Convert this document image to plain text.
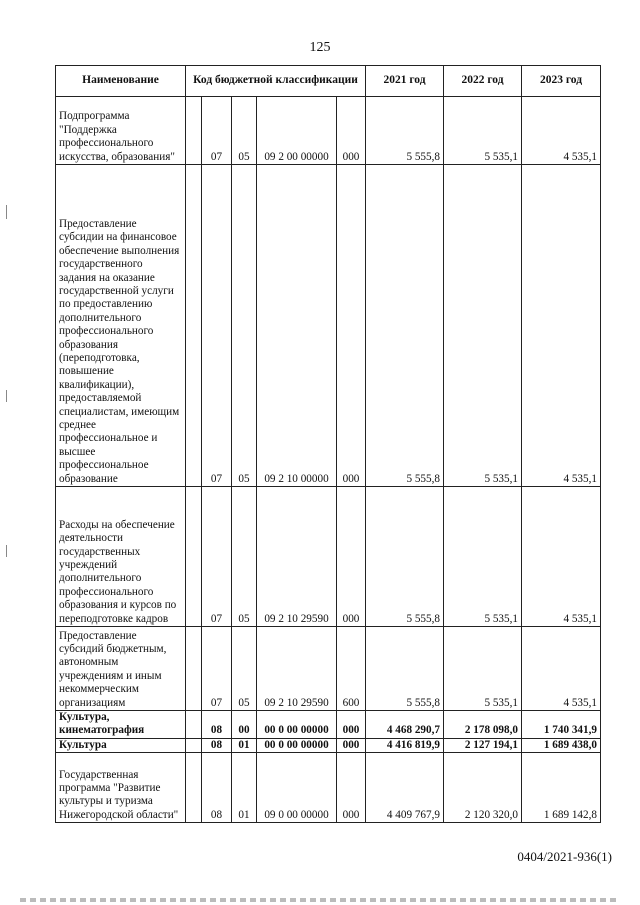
125
Наименование	Код бюджетной классификации					2021 год	2022 год	2023 год
Подпрограмма "Поддержка профессионального искусства, образования"		07	05	09 2 00 00000	000	5 555,8	5 535,1	4 535,1
Предоставление субсидии на финансовое обеспечение выполнения государственного задания на оказание государственной услуги по предоставлению дополнительного профессионального образования (переподготовка, повышение квалификации), предоставляемой специалистам, имеющим среднее профессиональное и высшее профессиональное образование		07	05	09 2 10 00000	000	5 555,8	5 535,1	4 535,1
Расходы на обеспечение деятельности государственных учреждений дополнительного профессионального образования и курсов по переподготовке кадров		07	05	09 2 10 29590	000	5 555,8	5 535,1	4 535,1
Предоставление субсидий бюджетным, автономным учреждениям и иным некоммерческим организациям		07	05	09 2 10 29590	600	5 555,8	5 535,1	4 535,1
Культура, кинематография		08	00	00 0 00 00000	000	4 468 290,7	2 178 098,0	1 740 341,9
Культура		08	01	00 0 00 00000	000	4 416 819,9	2 127 194,1	1 689 438,0
Государственная программа "Развитие культуры и туризма Нижегородской области"		08	01	09 0 00 00000	000	4 409 767,9	2 120 320,0	1 689 142,8
0404/2021-936(1)
